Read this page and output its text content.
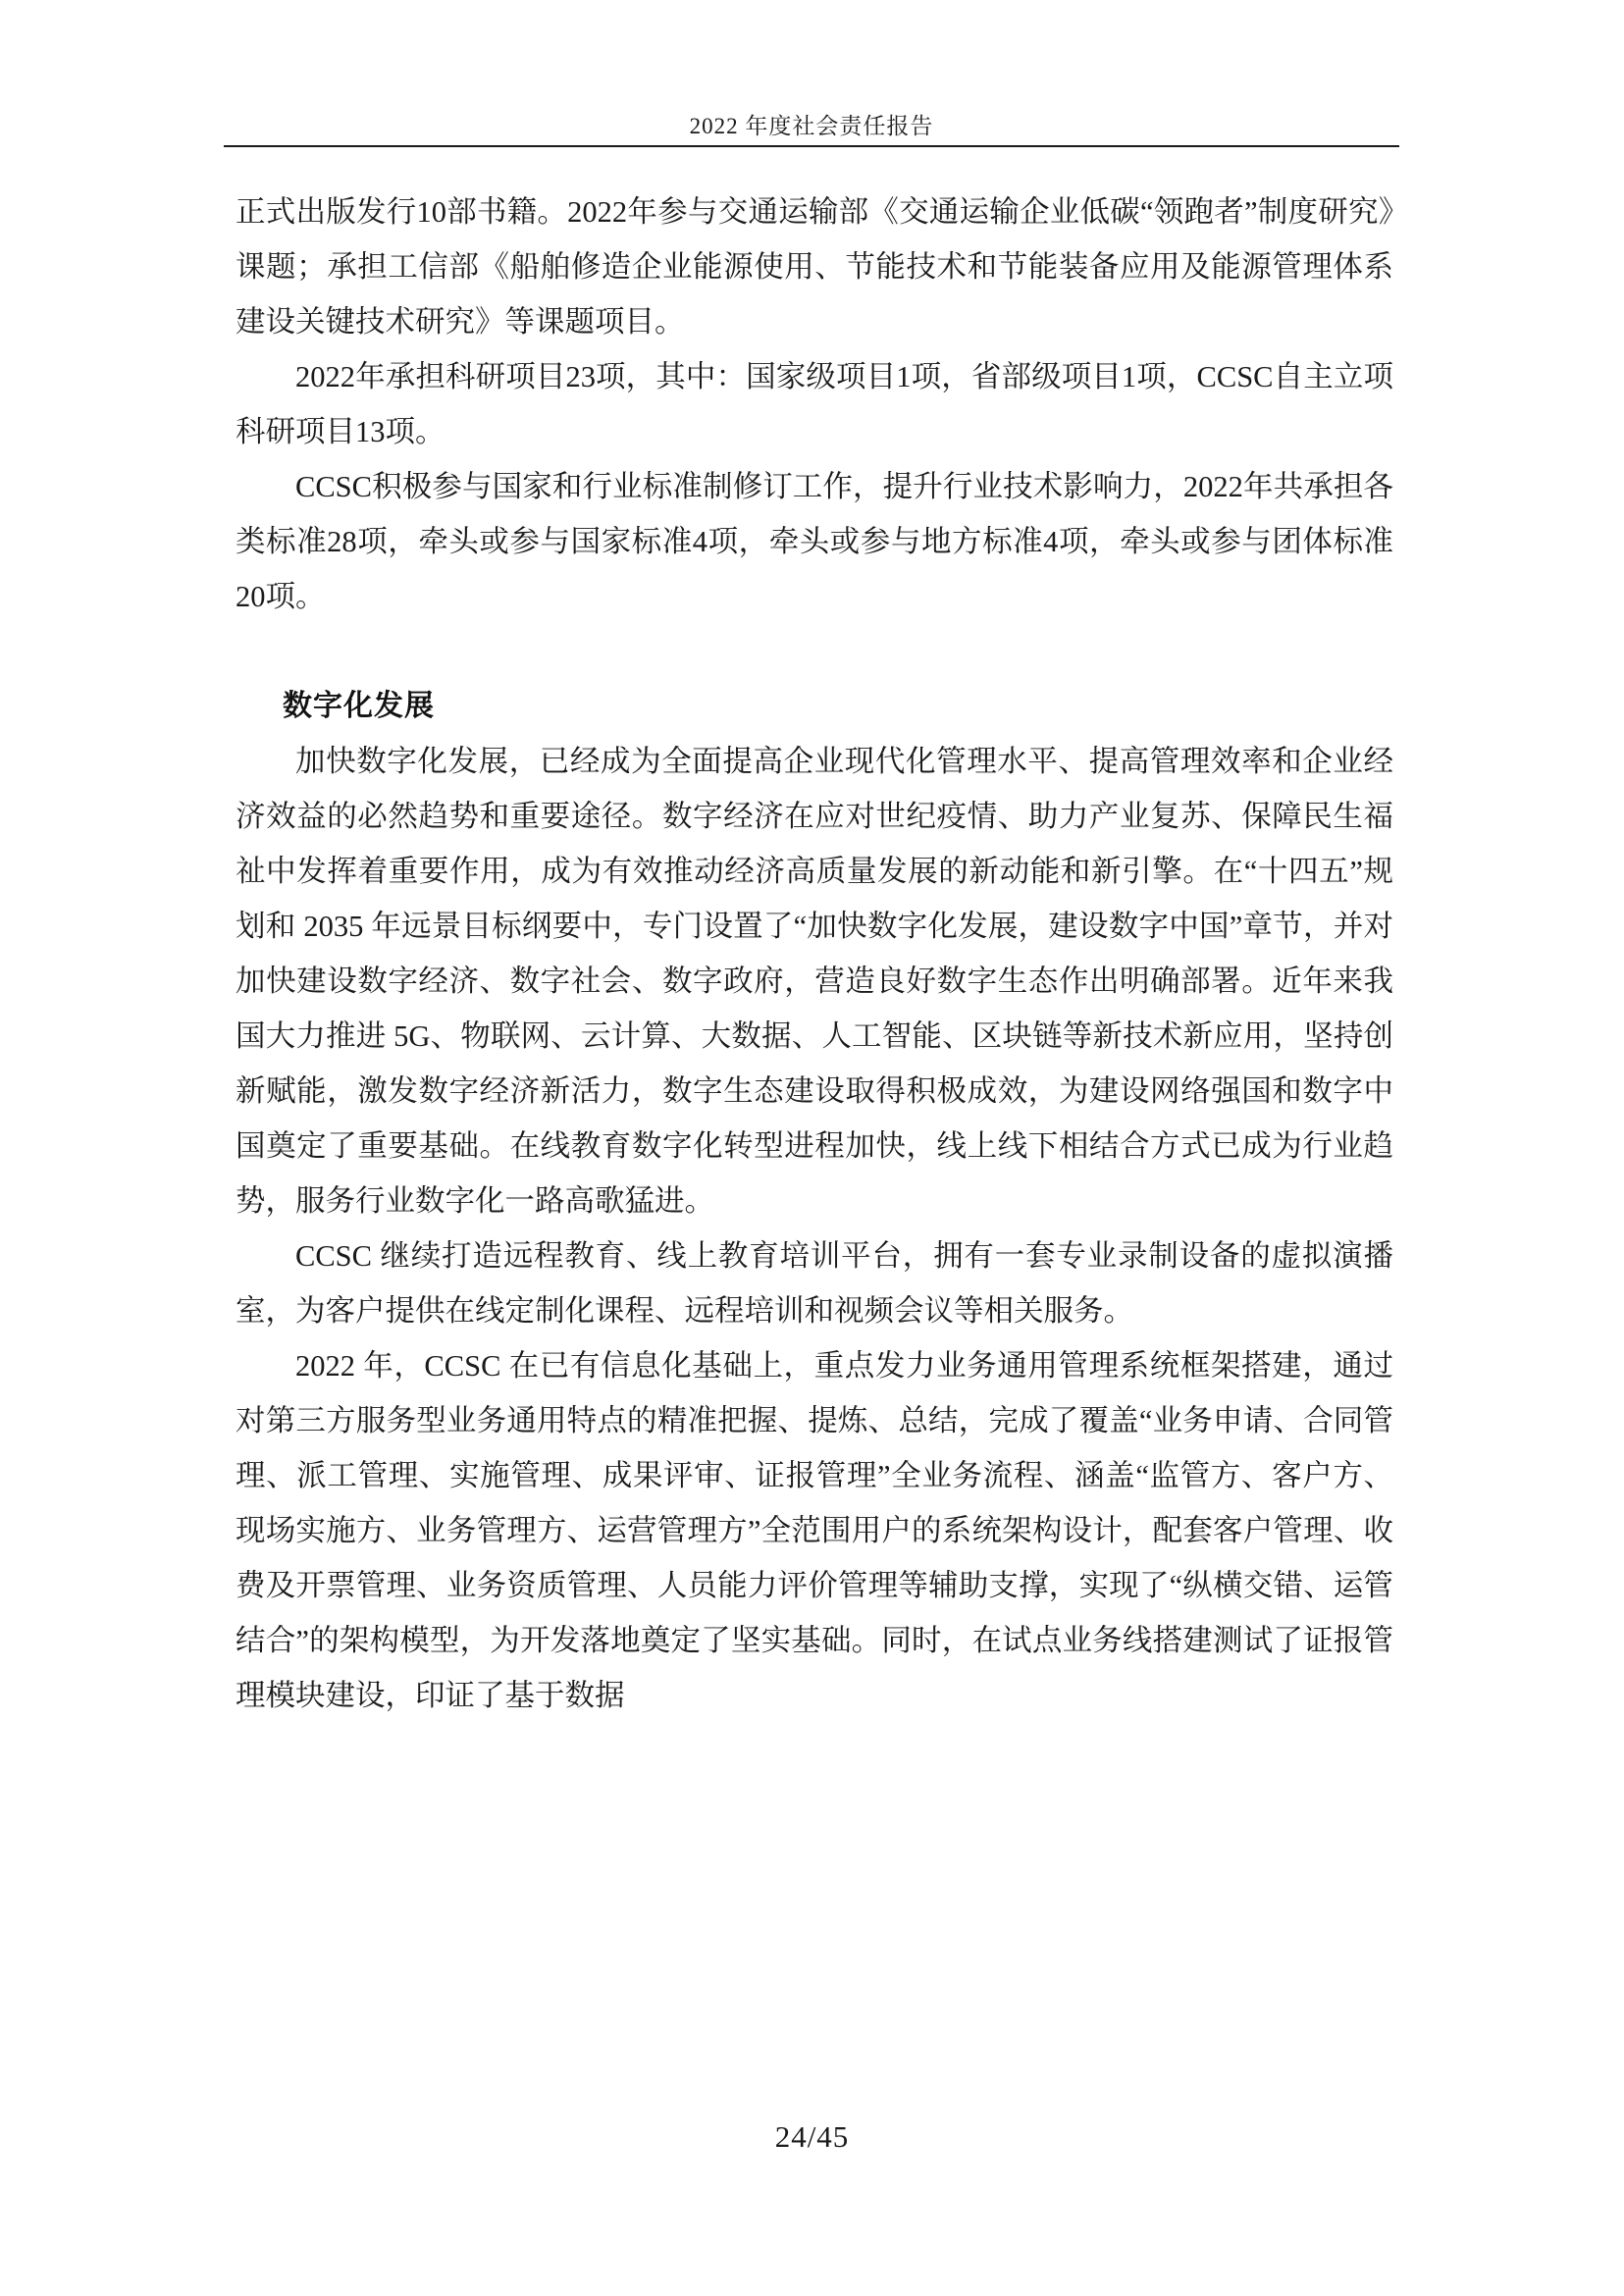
2022 年度社会责任报告

正式出版发行10部书籍。2022年参与交通运输部《交通运输企业低碳“领跑者”制度研究》课题；承担工信部《船舶修造企业能源使用、节能技术和节能装备应用及能源管理体系建设关键技术研究》等课题项目。

2022年承担科研项目23项，其中：国家级项目1项，省部级项目1项，CCSC自主立项科研项目13项。

CCSC积极参与国家和行业标准制修订工作，提升行业技术影响力，2022年共承担各类标准28项，牵头或参与国家标准4项，牵头或参与地方标准4项，牵头或参与团体标准20项。

数字化发展

加快数字化发展，已经成为全面提高企业现代化管理水平、提高管理效率和企业经济效益的必然趋势和重要途径。数字经济在应对世纪疫情、助力产业复苏、保障民生福祉中发挥着重要作用，成为有效推动经济高质量发展的新动能和新引擎。在“十四五”规划和 2035 年远景目标纲要中，专门设置了“加快数字化发展，建设数字中国”章节，并对加快建设数字经济、数字社会、数字政府，营造良好数字生态作出明确部署。近年来我国大力推进 5G、物联网、云计算、大数据、人工智能、区块链等新技术新应用，坚持创新赋能，激发数字经济新活力，数字生态建设取得积极成效，为建设网络强国和数字中国奠定了重要基础。在线教育数字化转型进程加快，线上线下相结合方式已成为行业趋势，服务行业数字化一路高歌猛进。

CCSC 继续打造远程教育、线上教育培训平台，拥有一套专业录制设备的虚拟演播室，为客户提供在线定制化课程、远程培训和视频会议等相关服务。

2022 年，CCSC 在已有信息化基础上，重点发力业务通用管理系统框架搭建，通过对第三方服务型业务通用特点的精准把握、提炼、总结，完成了覆盖“业务申请、合同管理、派工管理、实施管理、成果评审、证报管理”全业务流程、涵盖“监管方、客户方、现场实施方、业务管理方、运营管理方”全范围用户的系统架构设计，配套客户管理、收费及开票管理、业务资质管理、人员能力评价管理等辅助支撑，实现了“纵横交错、运管结合”的架构模型，为开发落地奠定了坚实基础。同时，在试点业务线搭建测试了证报管理模块建设，印证了基于数据

24/45
